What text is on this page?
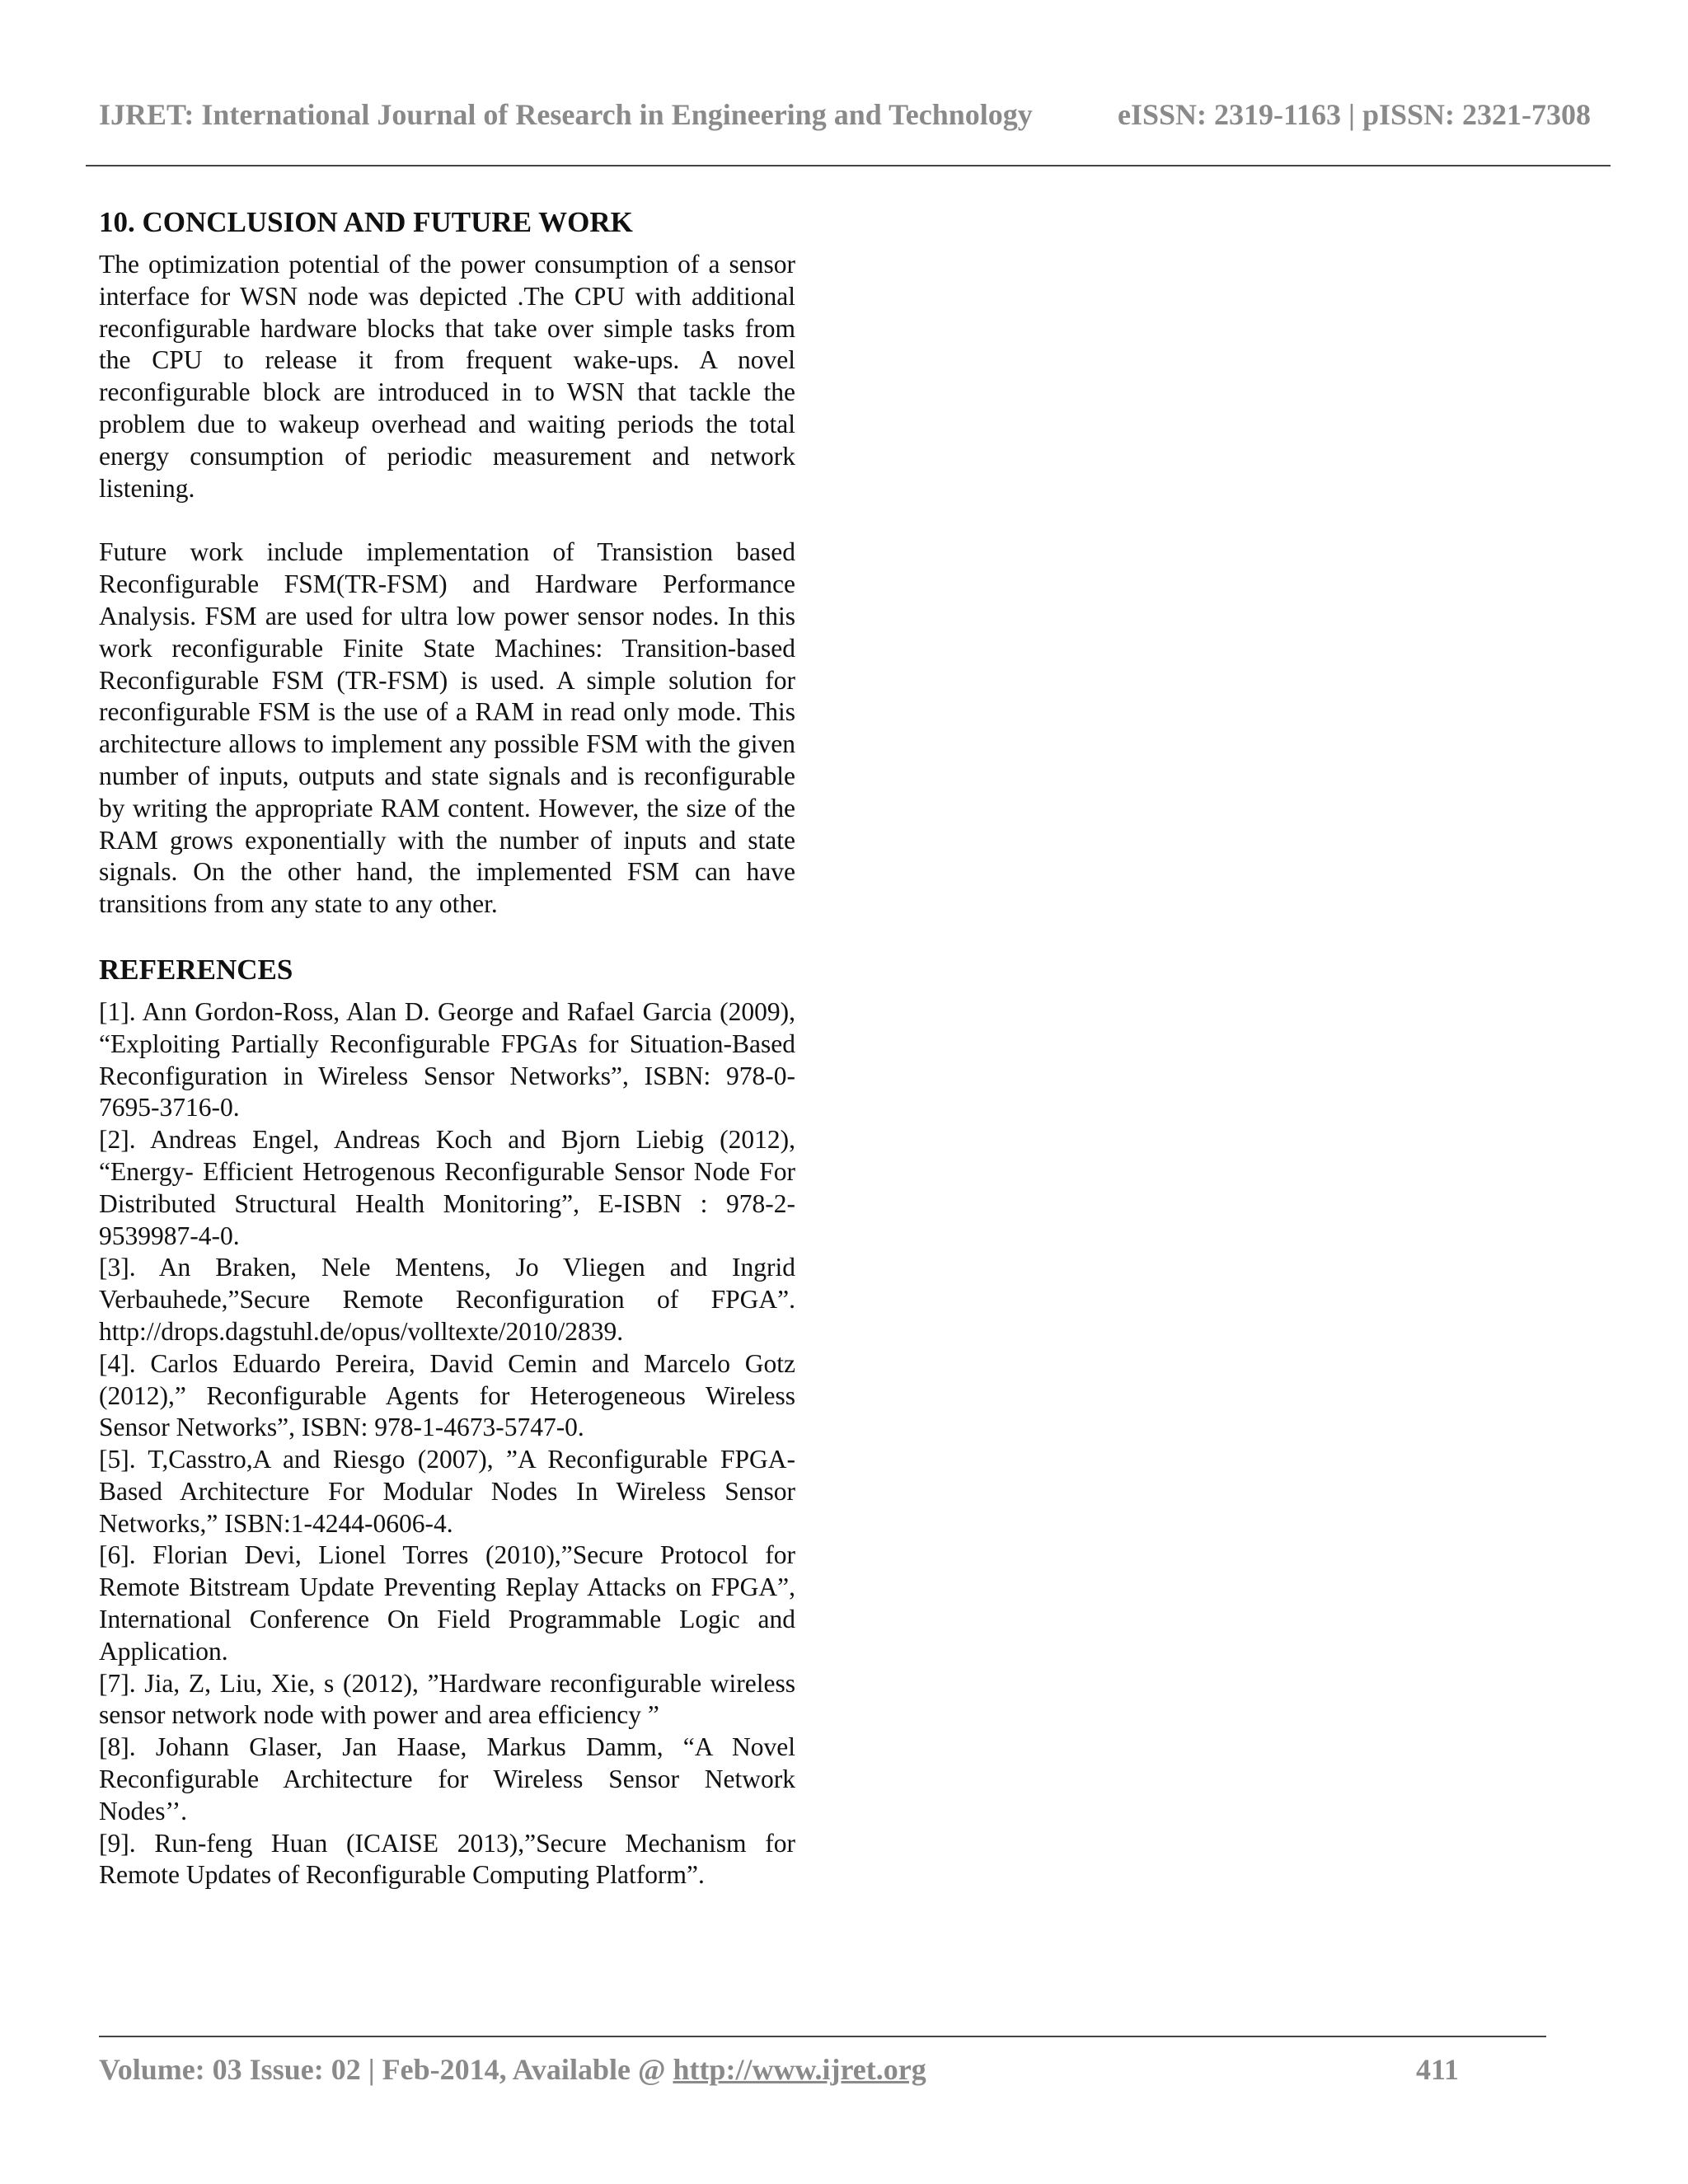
IJRET: International Journal of Research in Engineering and Technology	eISSN: 2319-1163 | pISSN: 2321-7308
10. CONCLUSION AND FUTURE WORK

The optimization potential of the power consumption of a sensor interface for WSN node was depicted .The CPU with additional reconfigurable hardware blocks that take over simple tasks from the CPU to release it from frequent wake-ups. A novel reconfigurable block are introduced in to WSN that tackle the problem due to wakeup overhead and waiting periods the total energy consumption of periodic measurement and network listening.

Future work include implementation of Transistion based Reconfigurable FSM(TR-FSM) and Hardware Performance Analysis. FSM are used for ultra low power sensor nodes. In this work reconfigurable Finite State Machines: Transition-based Reconfigurable FSM (TR-FSM) is used. A simple solution for reconfigurable FSM is the use of a RAM in read only mode. This architecture allows to implement any possible FSM with the given number of inputs, outputs and state signals and is reconfigurable by writing the appropriate RAM content. However, the size of the RAM grows exponentially with the number of inputs and state signals. On the other hand, the implemented FSM can have transitions from any state to any other.

REFERENCES

[1]. Ann Gordon-Ross, Alan D. George and Rafael Garcia (2009), “Exploiting Partially Reconfigurable FPGAs for Situation-Based Reconfiguration in Wireless Sensor Networks”, ISBN: 978-0-7695-3716-0.

[2]. Andreas Engel, Andreas Koch and Bjorn Liebig (2012), “Energy- Efficient Hetrogenous Reconfigurable Sensor Node For Distributed Structural Health Monitoring”, E-ISBN : 978-2-9539987-4-0.

[3]. An Braken, Nele Mentens, Jo Vliegen and Ingrid Verbauhede,”Secure Remote Reconfiguration of FPGA”. http://drops.dagstuhl.de/opus/volltexte/2010/2839.

[4]. Carlos Eduardo Pereira, David Cemin and Marcelo Gotz (2012),” Reconfigurable Agents for Heterogeneous Wireless Sensor Networks”, ISBN: 978-1-4673-5747-0.

[5]. T,Casstro,A and Riesgo (2007), ”A Reconfigurable FPGA-Based Architecture For Modular Nodes In Wireless Sensor Networks,” ISBN:1-4244-0606-4.

[6]. Florian Devi, Lionel Torres (2010),”Secure Protocol for Remote Bitstream Update Preventing Replay Attacks on FPGA”, International Conference On Field Programmable Logic and Application.

[7]. Jia, Z, Liu, Xie, s (2012), ”Hardware reconfigurable wireless sensor network node with power and area efficiency ”

[8]. Johann Glaser, Jan Haase, Markus Damm, “A Novel Reconfigurable Architecture for Wireless Sensor Network Nodes’’.

[9]. Run-feng Huan (ICAISE 2013),”Secure Mechanism for Remote Updates of Reconfigurable Computing Platform”.

Volume: 03 Issue: 02 | Feb-2014, Available @ http://www.ijret.org	411
